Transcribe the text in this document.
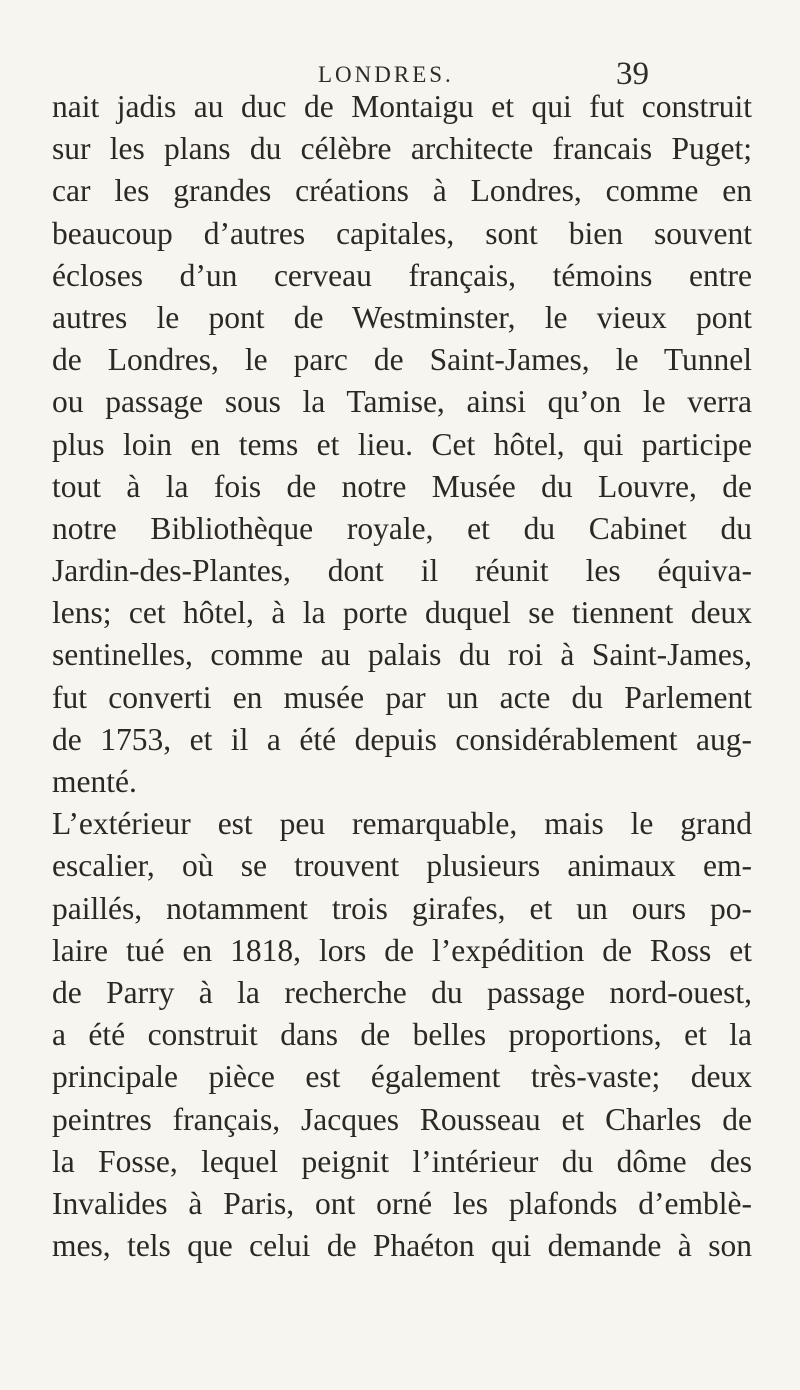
LONDRES.	39
nait jadis au duc de Montaigu et qui fut construit
sur les plans du célèbre architecte francais Puget;
car les grandes créations à Londres, comme en
beaucoup d’autres capitales, sont bien souvent
écloses d’un cerveau français, témoins entre
autres le pont de Westminster, le vieux pont
de Londres, le parc de Saint-James, le Tunnel
ou passage sous la Tamise, ainsi qu’on le verra
plus loin en tems et lieu. Cet hôtel, qui participe
tout à la fois de notre Musée du Louvre, de
notre Bibliothèque royale, et du Cabinet du
Jardin-des-Plantes, dont il réunit les équiva-
lens; cet hôtel, à la porte duquel se tiennent deux
sentinelles, comme au palais du roi à Saint-James,
fut converti en musée par un acte du Parlement
de 1753, et il a été depuis considérablement aug-
menté.
L’extérieur est peu remarquable, mais le grand
escalier, où se trouvent plusieurs animaux em-
paillés, notamment trois girafes, et un ours po-
laire tué en 1818, lors de l’expédition de Ross et
de Parry à la recherche du passage nord-ouest,
a été construit dans de belles proportions, et la
principale pièce est également très-vaste; deux
peintres français, Jacques Rousseau et Charles de
la Fosse, lequel peignit l’intérieur du dôme des
Invalides à Paris, ont orné les plafonds d’emblè-
mes, tels que celui de Phaéton qui demande à son
